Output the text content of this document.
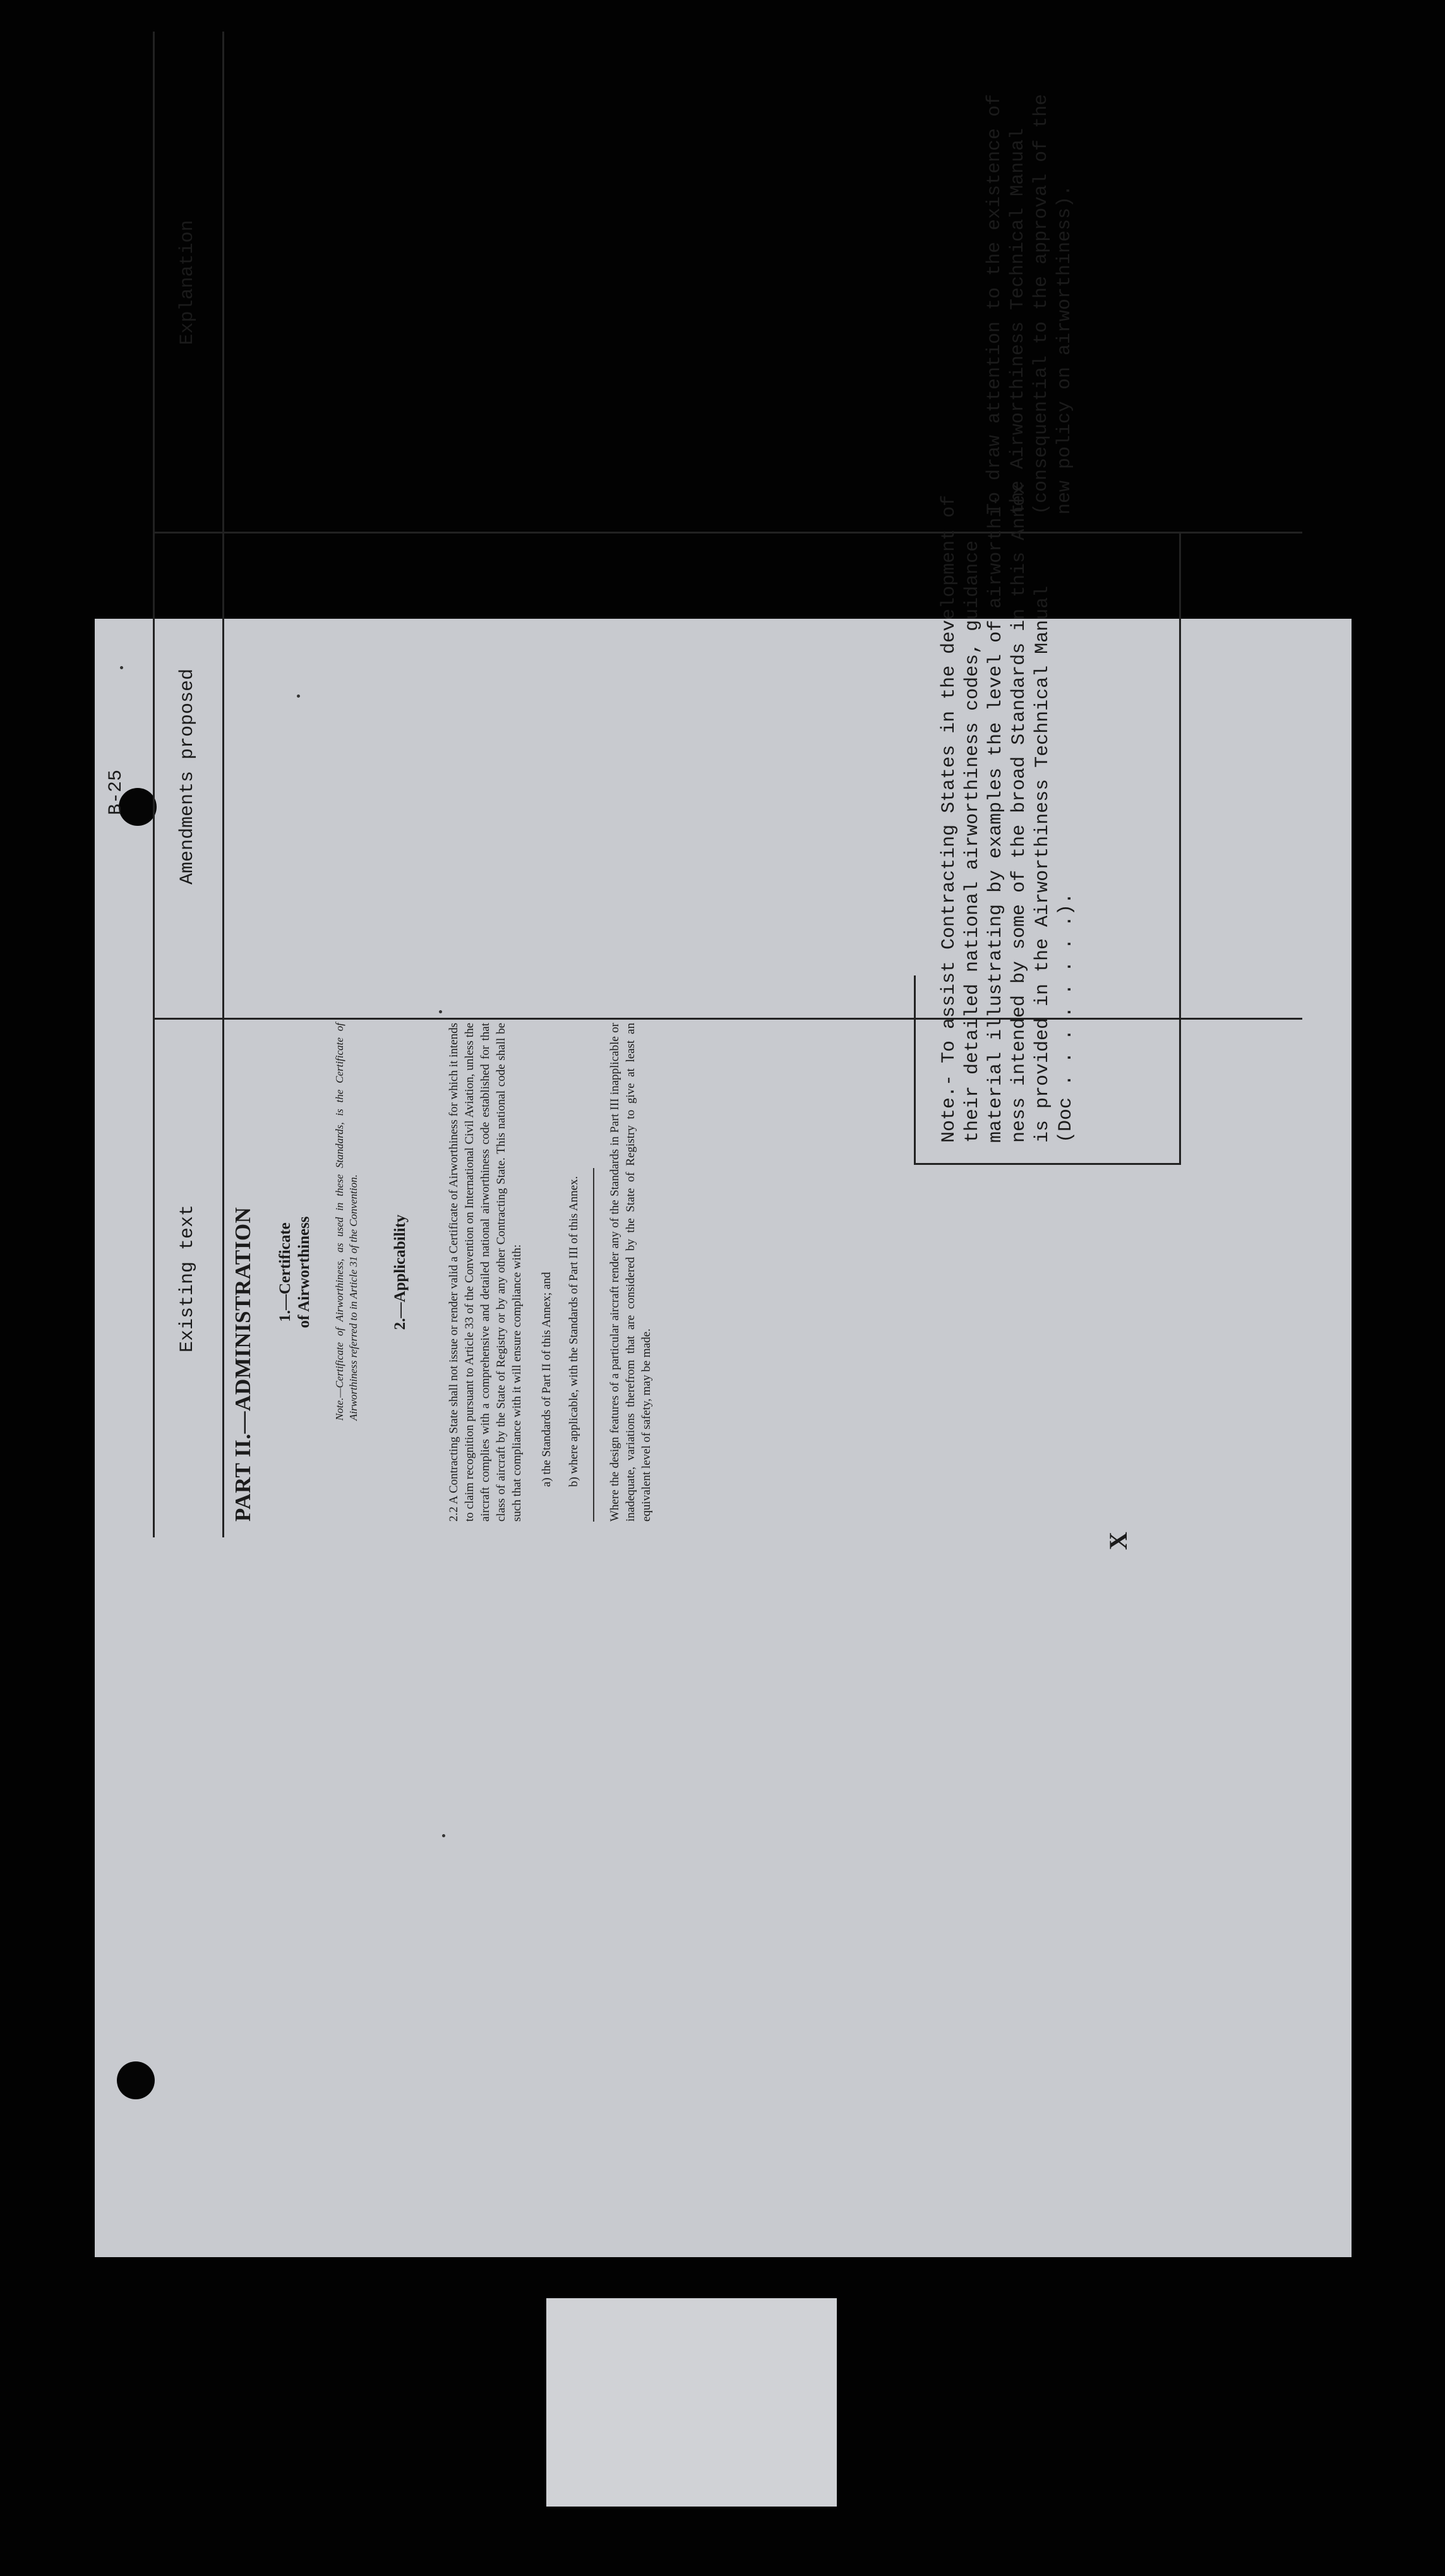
B-25
Existing text
Amendments proposed
Explanation
PART II.—ADMINISTRATION 1.—Certificate of Airworthiness Note.—Certificate of Airworthiness, as used in these Standards, is the Certificate of Airworthiness referred to in Article 31 of the Convention. 2.—Applicability	2.2 A Contracting State shall not issue or render valid a Certificate of Airworthiness for which it intends to claim recognition pursuant to Article 33 of the Convention on International Civil Aviation, unless the aircraft complies with a comprehensive and detailed national airworthiness code established for that class of aircraft by the State of Registry or by any other Contracting State. This national code shall be such that compliance with it will ensure compliance with: a) the Standards of Part II of this Annex; and b) where applicable, with the Standards of Part III of this Annex. Where the design features of a particular aircraft render any of the Standards in Part III inapplicable or inadequate, variations therefrom that are considered by the State of Registry to give at least an equivalent level of safety, may be made.
X

Note.- To assist Contracting States in the development of their detailed national airworthiness codes, guidance material illustrating by examples the level of airworthi- ness intended by some of the broad Standards in this Annex is provided in the Airworthiness Technical Manual (Doc . . . . . . . .).

To draw attention to the existence of the Airworthiness Technical Manual (consequential to the approval of the new policy on airworthiness).
